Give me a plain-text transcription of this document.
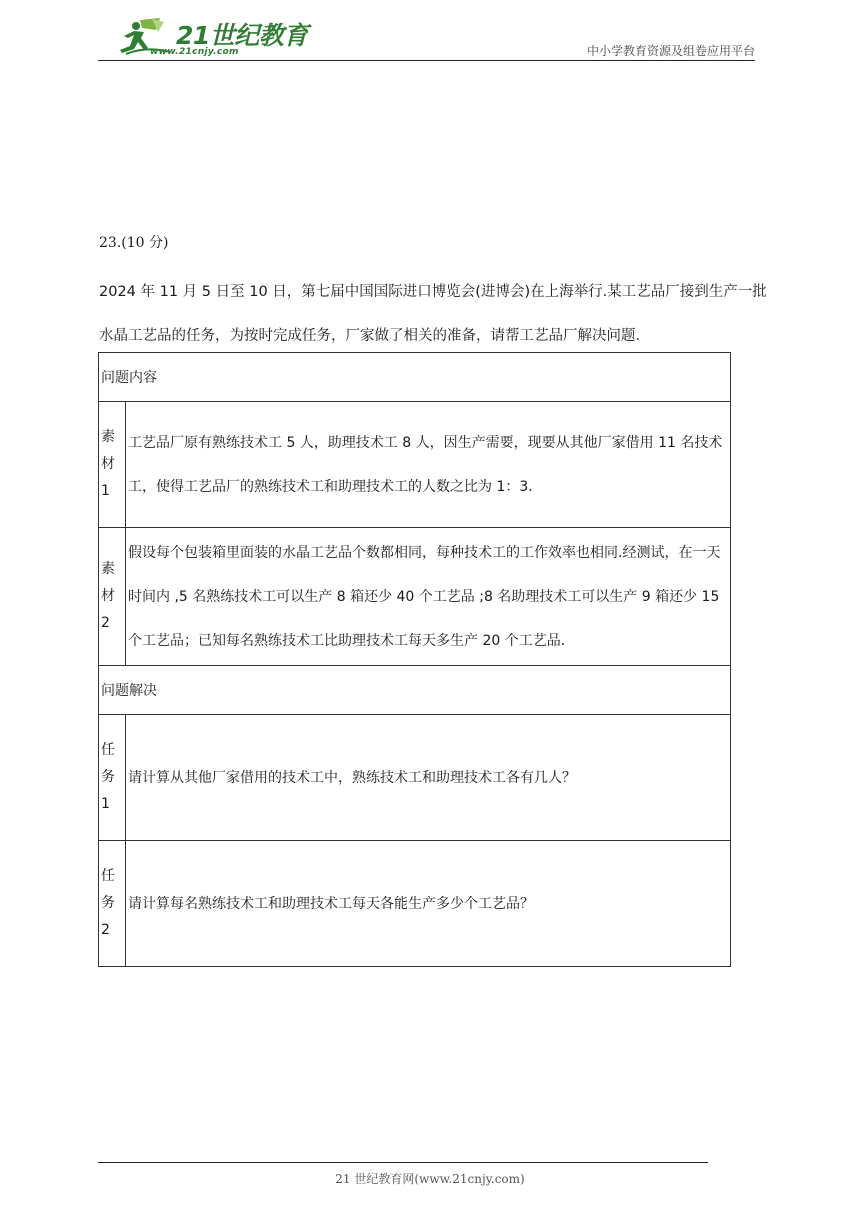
21世纪教育
www.21cnjy.com	中小学教育资源及组卷应用平台
23.(10 分)
2024 年 11 月 5 日至 10 日，第七届中国国际进口博览会(进博会)在上海举行.某工艺品厂接到生产一批水晶工艺品的任务，为按时完成任务，厂家做了相关的准备，请帮工艺品厂解决问题．
问题内容	
素材1	工艺品厂原有熟练技术工 5 人，助理技术工 8 人，因生产需要，现要从其他厂家借用 11 名技术工，使得工艺品厂的熟练技术工和助理技术工的人数之比为 1：3．
素材2	假设每个包装箱里面装的水晶工艺品个数都相同，每种技术工的工作效率也相同.经测试，在一天时间内 ,5 名熟练技术工可以生产 8 箱还少 40 个工艺品 ;8 名助理技术工可以生产 9 箱还少 15 个工艺品；已知每名熟练技术工比助理技术工每天多生产 20 个工艺品．
问题解决	
任务1	请计算从其他厂家借用的技术工中，熟练技术工和助理技术工各有几人？
任务2	请计算每名熟练技术工和助理技术工每天各能生产多少个工艺品？
21 世纪教育网(www.21cnjy.com)
